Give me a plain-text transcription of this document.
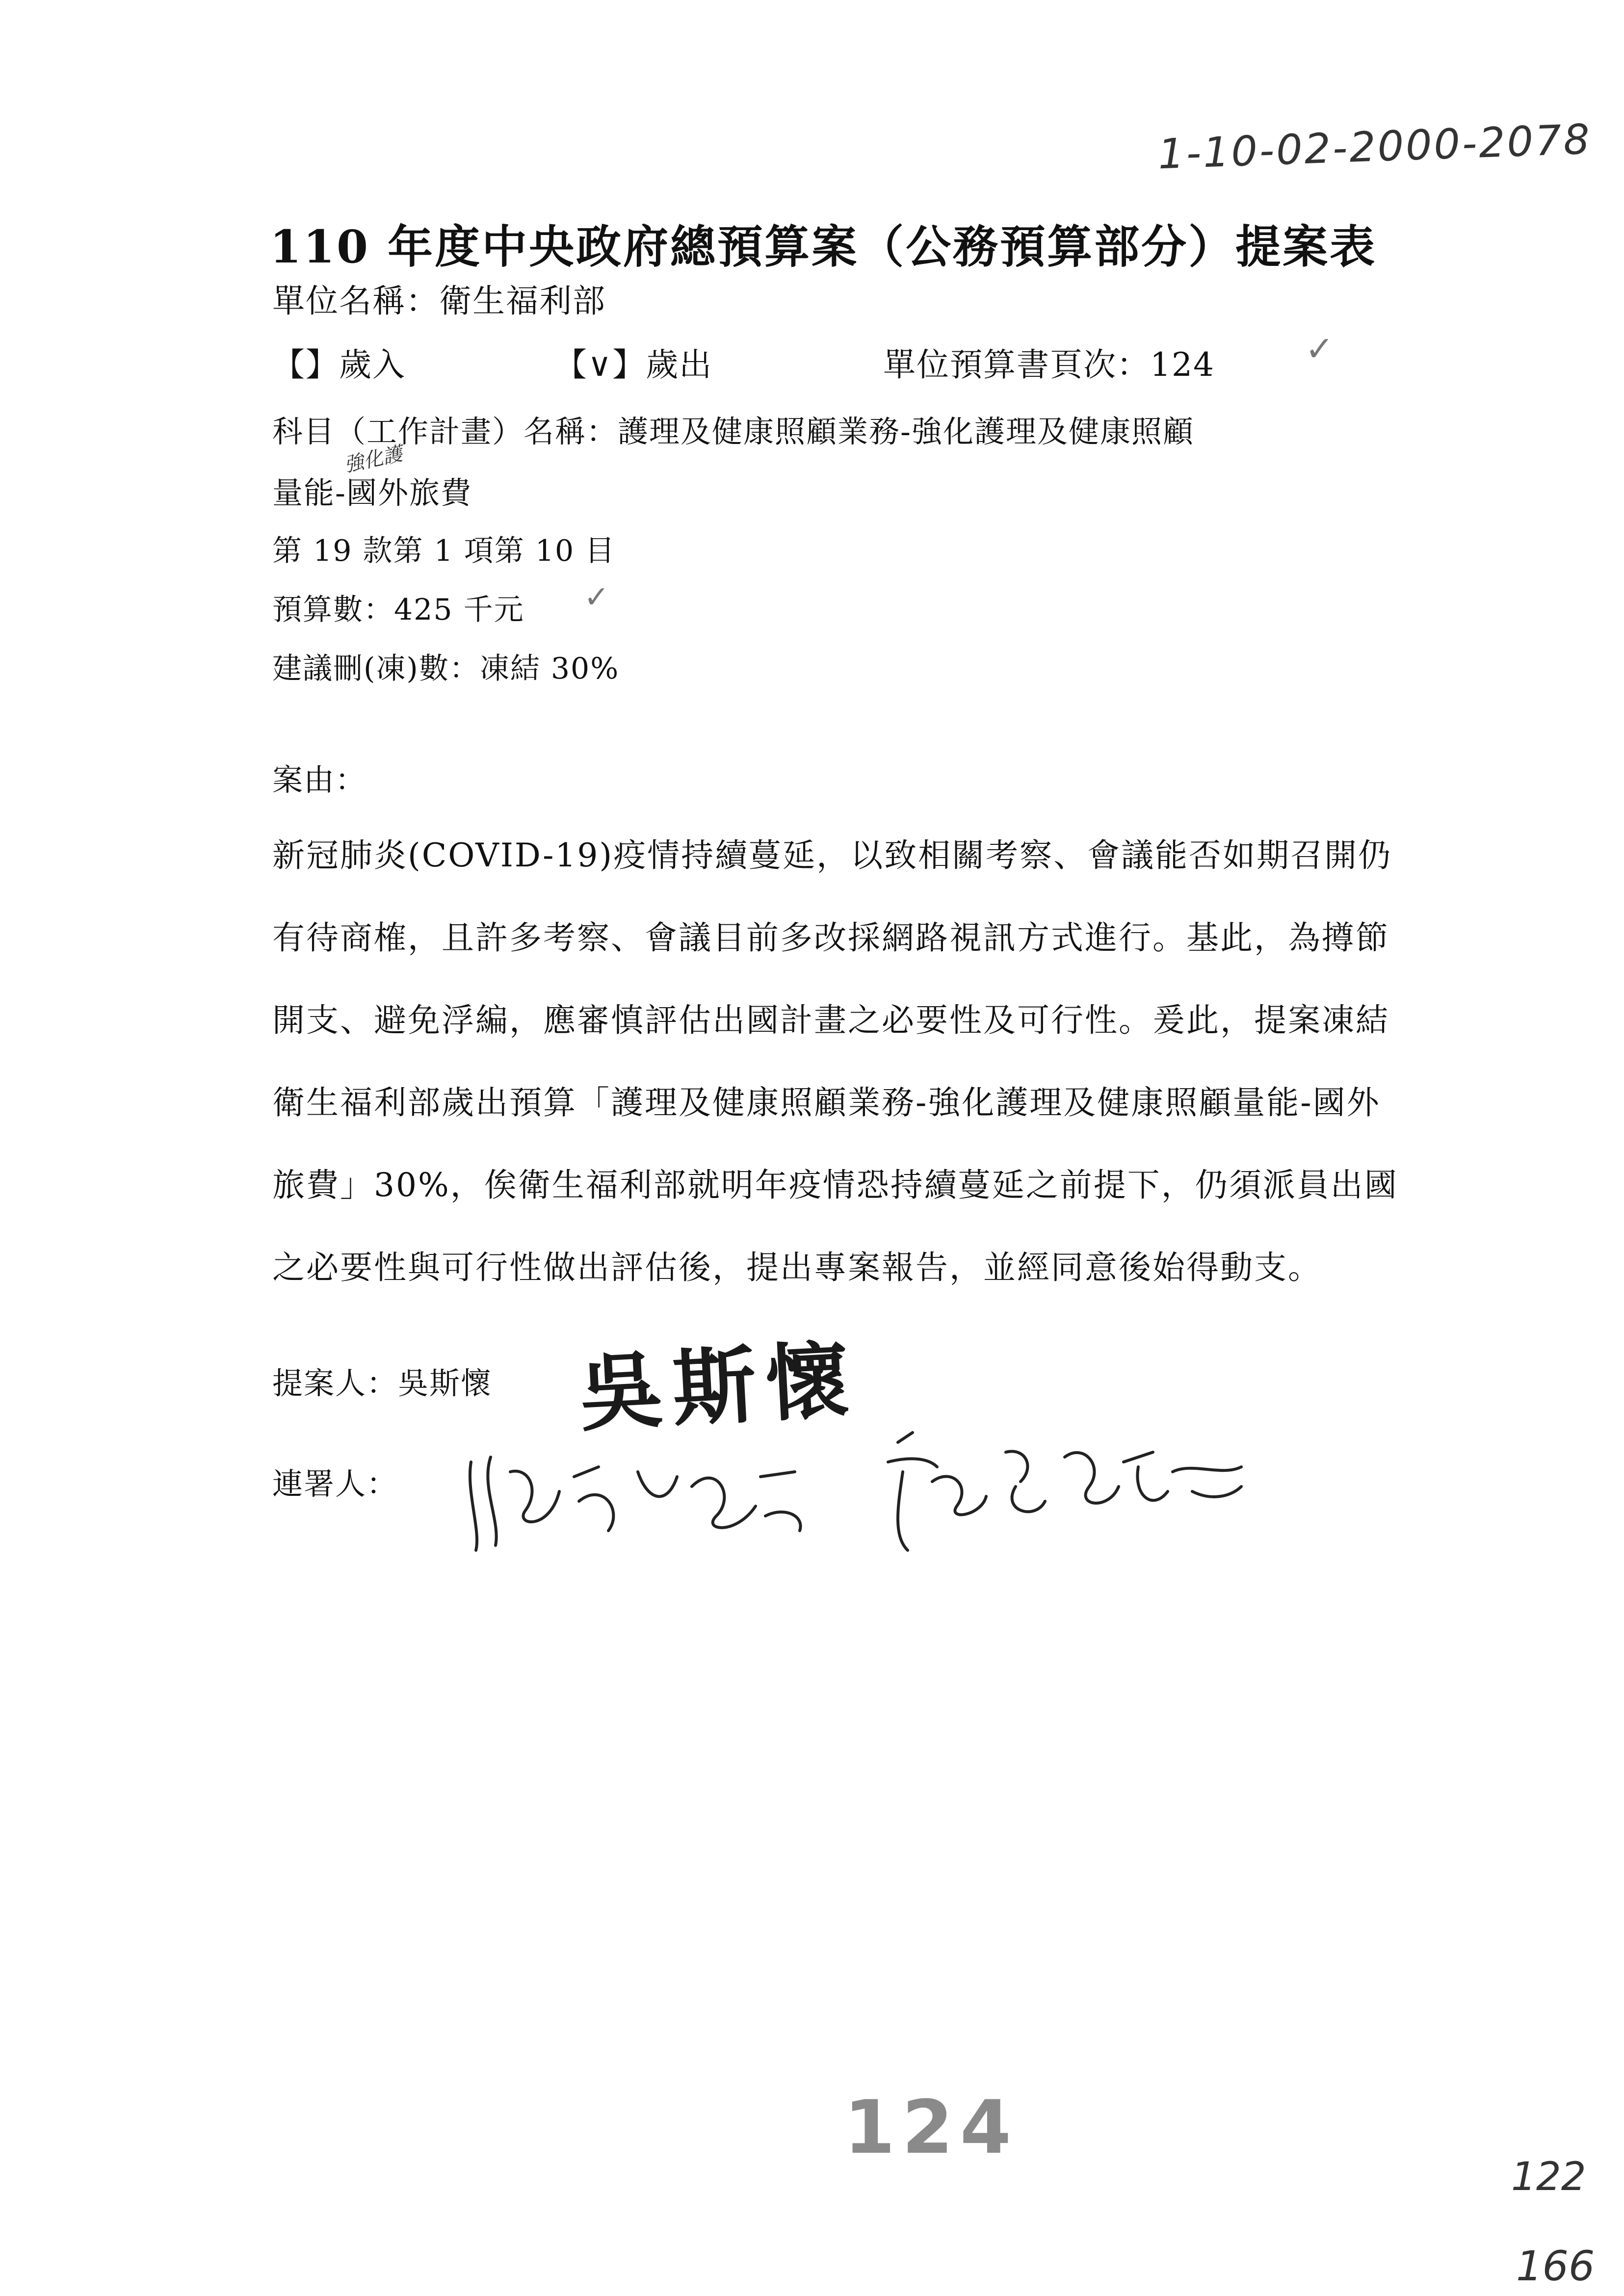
1-10-02-2000-2078
110 年度中央政府總預算案（公務預算部分）提案表
單位名稱：衛生福利部
【】歲入	【∨】歲出	單位預算書頁次：124	✓
科目（工作計畫）名稱：護理及健康照顧業務-強化護理及健康照顧
強化護
量能-國外旅費
第 19 款第 1 項第 10 目
預算數：425 千元 ✓
建議刪(凍)數：凍結 30%
案由：
新冠肺炎(COVID-19)疫情持續蔓延，以致相關考察、會議能否如期召開仍有待商榷，且許多考察、會議目前多改採網路視訊方式進行。基此，為撙節開支、避免浮編，應審慎評估出國計畫之必要性及可行性。爰此，提案凍結衛生福利部歲出預算「護理及健康照顧業務-強化護理及健康照顧量能-國外旅費」30%，俟衛生福利部就明年疫情恐持續蔓延之前提下，仍須派員出國之必要性與可行性做出評估後，提出專案報告，並經同意後始得動支。
提案人：吳斯懷 吳斯懷
連署人：
124
122
166
